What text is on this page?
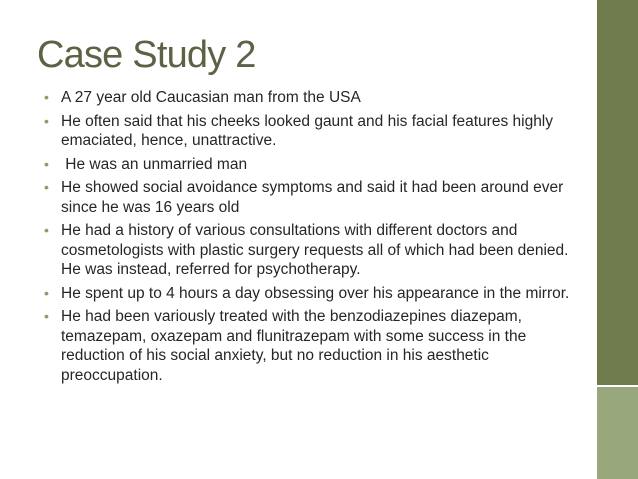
Case Study 2
• A 27 year old Caucasian man from the USA
• He often said that his cheeks looked gaunt and his facial features highly emaciated, hence, unattractive.
• He was an unmarried man
• He showed social avoidance symptoms and said it had been around ever since he was 16 years old
• He had a history of various consultations with different doctors and cosmetologists with plastic surgery requests all of which had been denied. He was instead, referred for psychotherapy.
• He spent up to 4 hours a day obsessing over his appearance in the mirror.
• He had been variously treated with the benzodiazepines diazepam, temazepam, oxazepam and flunitrazepam with some success in the reduction of his social anxiety, but no reduction in his aesthetic preoccupation.
